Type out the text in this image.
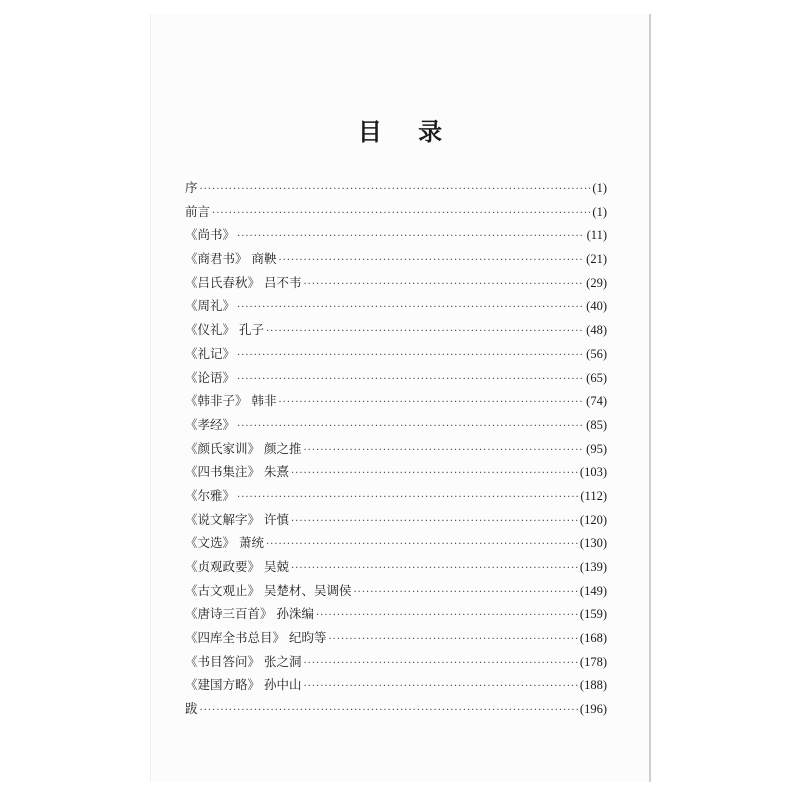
目 录
序 ·····	(1)
前言 ·····	(1)
《尚书》 ·····	(11)
《商君书》 商鞅 ·····	(21)
《吕氏春秋》 吕不韦 ·····	(29)
《周礼》 ·····	(40)
《仪礼》 孔子 ·····	(48)
《礼记》 ·····	(56)
《论语》 ·····	(65)
《韩非子》 韩非 ·····	(74)
《孝经》 ·····	(85)
《颜氏家训》 颜之推 ·····	(95)
《四书集注》 朱熹 ·····	(103)
《尔雅》 ·····	(112)
《说文解字》 许慎 ·····	(120)
《文选》 萧统 ·····	(130)
《贞观政要》 吴兢 ·····	(139)
《古文观止》 吴楚材、吴调侯 ·····	(149)
《唐诗三百首》 孙洙编 ·····	(159)
《四库全书总目》 纪昀等 ·····	(168)
《书目答问》 张之洞 ·····	(178)
《建国方略》 孙中山 ·····	(188)
跋 ·····	(196)
